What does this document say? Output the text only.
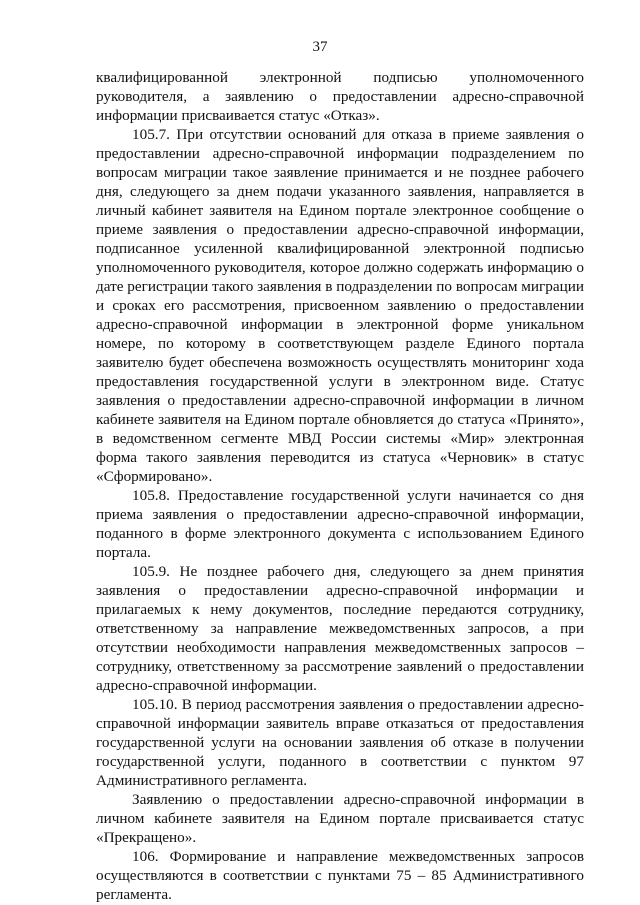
37

квалифицированной электронной подписью уполномоченного руководителя, а заявлению о предоставлении адресно-справочной информации присваивается статус «Отказ».

105.7. При отсутствии оснований для отказа в приеме заявления о предоставлении адресно-справочной информации подразделением по вопросам миграции такое заявление принимается и не позднее рабочего дня, следующего за днем подачи указанного заявления, направляется в личный кабинет заявителя на Едином портале электронное сообщение о приеме заявления о предоставлении адресно-справочной информации, подписанное усиленной квалифицированной электронной подписью уполномоченного руководителя, которое должно содержать информацию о дате регистрации такого заявления в подразделении по вопросам миграции и сроках его рассмотрения, присвоенном заявлению о предоставлении адресно-справочной информации в электронной форме уникальном номере, по которому в соответствующем разделе Единого портала заявителю будет обеспечена возможность осуществлять мониторинг хода предоставления государственной услуги в электронном виде. Статус заявления о предоставлении адресно-справочной информации в личном кабинете заявителя на Едином портале обновляется до статуса «Принято», в ведомственном сегменте МВД России системы «Мир» электронная форма такого заявления переводится из статуса «Черновик» в статус «Сформировано».

105.8. Предоставление государственной услуги начинается со дня приема заявления о предоставлении адресно-справочной информации, поданного в форме электронного документа с использованием Единого портала.

105.9. Не позднее рабочего дня, следующего за днем принятия заявления о предоставлении адресно-справочной информации и прилагаемых к нему документов, последние передаются сотруднику, ответственному за направление межведомственных запросов, а при отсутствии необходимости направления межведомственных запросов – сотруднику, ответственному за рассмотрение заявлений о предоставлении адресно-справочной информации.

105.10. В период рассмотрения заявления о предоставлении адресно-справочной информации заявитель вправе отказаться от предоставления государственной услуги на основании заявления об отказе в получении государственной услуги, поданного в соответствии с пунктом 97 Административного регламента.

Заявлению о предоставлении адресно-справочной информации в личном кабинете заявителя на Едином портале присваивается статус «Прекращено».

106. Формирование и направление межведомственных запросов осуществляются в соответствии с пунктами 75 – 85 Административного регламента.
